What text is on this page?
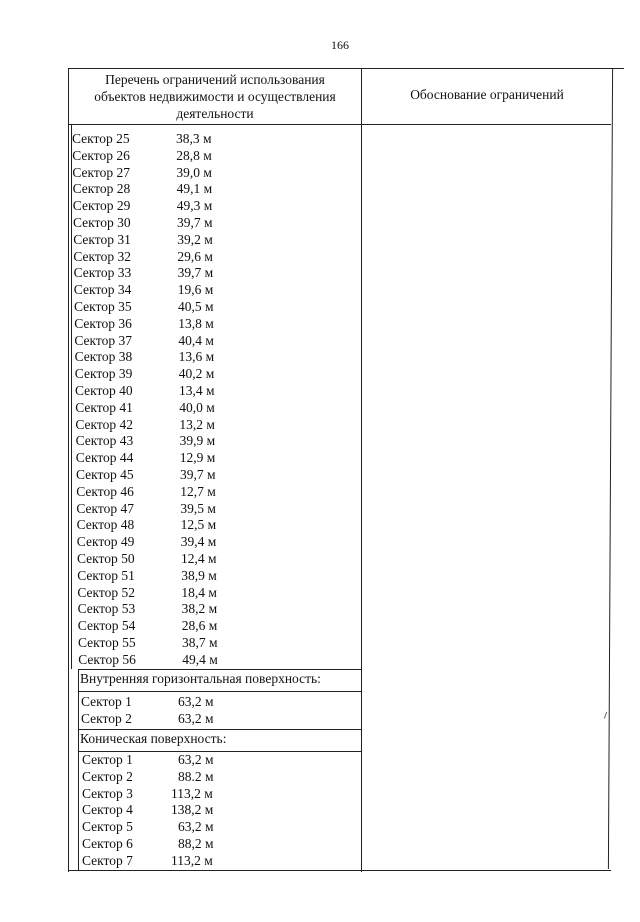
166
Перечень ограничений использования
объектов недвижимости и осуществления
деятельности
Обоснование ограничений
Сектор 25	38,3 м
Сектор 26	28,8 м
Сектор 27	39,0 м
Сектор 28	49,1 м
Сектор 29	49,3 м
Сектор 30	39,7 м
Сектор 31	39,2 м
Сектор 32	29,6 м
Сектор 33	39,7 м
Сектор 34	19,6 м
Сектор 35	40,5 м
Сектор 36	13,8 м
Сектор 37	40,4 м
Сектор 38	13,6 м
Сектор 39	40,2 м
Сектор 40	13,4 м
Сектор 41	40,0 м
Сектор 42	13,2 м
Сектор 43	39,9 м
Сектор 44	12,9 м
Сектор 45	39,7 м
Сектор 46	12,7 м
Сектор 47	39,5 м
Сектор 48	12,5 м
Сектор 49	39,4 м
Сектор 50	12,4 м
Сектор 51	38,9 м
Сектор 52	18,4 м
Сектор 53	38,2 м
Сектор 54	28,6 м
Сектор 55	38,7 м
Сектор 56	49,4 м
Внутренняя горизонтальная поверхность:
Сектор 1	63,2 м
Сектор 2	63,2 м
Коническая поверхность:
Сектор 1	63,2 м
Сектор 2	88.2 м
Сектор 3	113,2 м
Сектор 4	138,2 м
Сектор 5	63,2 м
Сектор 6	88,2 м
Сектор 7	113,2 м
